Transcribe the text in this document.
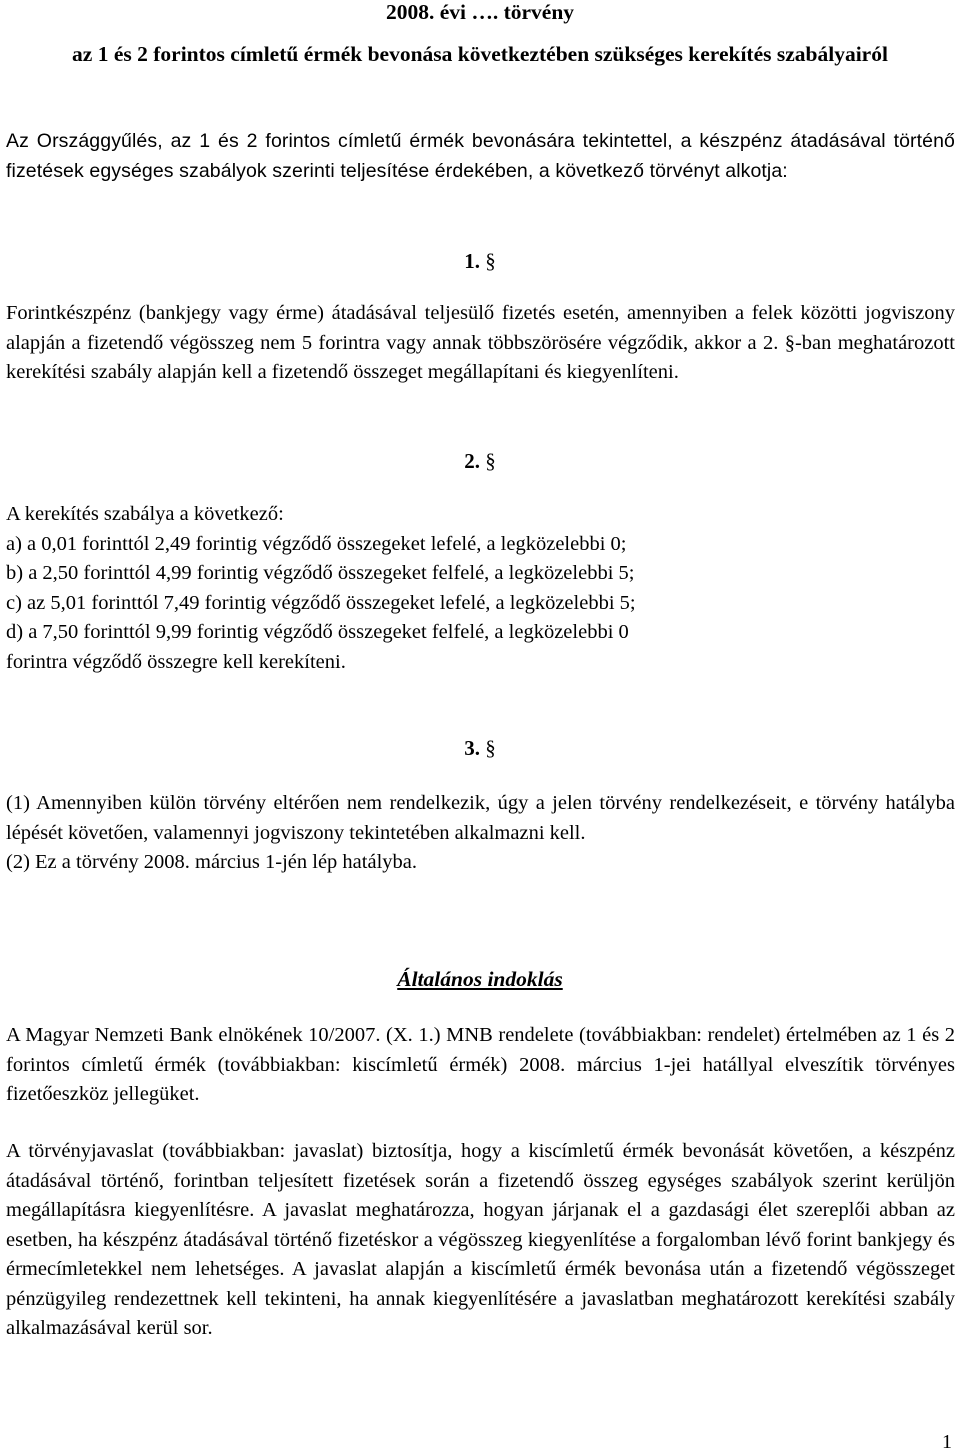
2008. évi …. törvény
az 1 és 2 forintos címletű érmék bevonása következtében szükséges kerekítés szabályairól

Az Országgyűlés, az 1 és 2 forintos címletű érmék bevonására tekintettel, a készpénz átadásával történő fizetések egységes szabályok szerinti teljesítése érdekében, a következő törvényt alkotja:

1. §

Forintkészpénz (bankjegy vagy érme) átadásával teljesülő fizetés esetén, amennyiben a felek közötti jogviszony alapján a fizetendő végösszeg nem 5 forintra vagy annak többszörösére végződik, akkor a 2. §-ban meghatározott kerekítési szabály alapján kell a fizetendő összeget megállapítani és kiegyenlíteni.

2. §

A kerekítés szabálya a következő:
a) a 0,01 forinttól 2,49 forintig végződő összegeket lefelé, a legközelebbi 0;
b) a 2,50 forinttól 4,99 forintig végződő összegeket felfelé, a legközelebbi 5;
c) az 5,01 forinttól 7,49 forintig végződő összegeket lefelé, a legközelebbi 5;
d) a 7,50 forinttól 9,99 forintig végződő összegeket felfelé, a legközelebbi 0
forintra végződő összegre kell kerekíteni.

3. §

(1) Amennyiben külön törvény eltérően nem rendelkezik, úgy a jelen törvény rendelkezéseit, e törvény hatályba lépését követően, valamennyi jogviszony tekintetében alkalmazni kell.
(2) Ez a törvény 2008. március 1-jén lép hatályba.
Általános indoklás

A Magyar Nemzeti Bank elnökének 10/2007. (X. 1.) MNB rendelete (továbbiakban: rendelet) értelmében az 1 és 2 forintos címletű érmék (továbbiakban: kiscímletű érmék) 2008. március 1-jei hatállyal elveszítik törvényes fizetőeszköz jellegüket.

A törvényjavaslat (továbbiakban: javaslat) biztosítja, hogy a kiscímletű érmék bevonását követően, a készpénz átadásával történő, forintban teljesített fizetések során a fizetendő összeg egységes szabályok szerint kerüljön megállapításra kiegyenlítésre. A javaslat meghatározza, hogyan járjanak el a gazdasági élet szereplői abban az esetben, ha készpénz átadásával történő fizetéskor a végösszeg kiegyenlítése a forgalomban lévő forint bankjegy és érmecímletekkel nem lehetséges. A javaslat alapján a kiscímletű érmék bevonása után a fizetendő végösszeget pénzügyileg rendezettnek kell tekinteni, ha annak kiegyenlítésére a javaslatban meghatározott kerekítési szabály alkalmazásával kerül sor.

1
